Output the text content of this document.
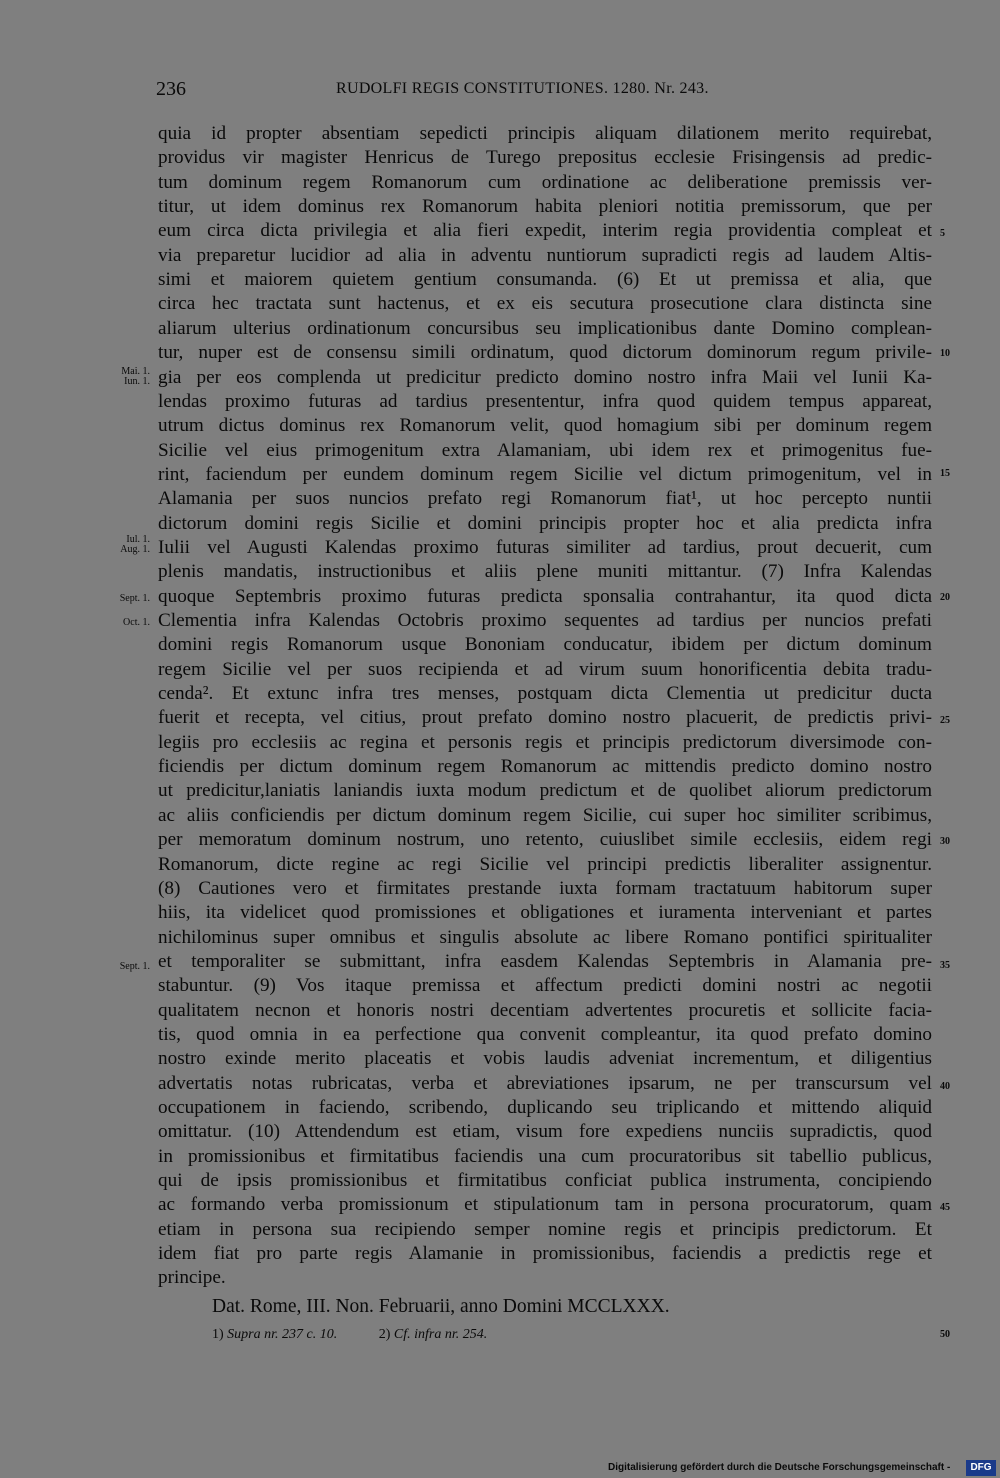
236	RUDOLFI REGIS CONSTITUTIONES. 1280. Nr. 243.
quia id propter absentiam sepedicti principis aliquam dilationem merito requirebat,
providus vir magister Henricus de Turego prepositus ecclesie Frisingensis ad predic-
tum dominum regem Romanorum cum ordinatione ac deliberatione premissis ver-
titur, ut idem dominus rex Romanorum habita pleniori notitia premissorum, que per
eum circa dicta privilegia et alia fieri expedit, interim regia providentia compleat et
via preparetur lucidior ad alia in adventu nuntiorum supradicti regis ad laudem Altis-
simi et maiorem quietem gentium consumanda. (6) Et ut premissa et alia, que
circa hec tractata sunt hactenus, et ex eis secutura prosecutione clara distincta sine
aliarum ulterius ordinationum concursibus seu implicationibus dante Domino complean-
tur, nuper est de consensu simili ordinatum, quod dictorum dominorum regum privile-
gia per eos complenda ut predicitur predicto domino nostro infra Maii vel Iunii Ka-
lendas proximo futuras ad tardius presententur, infra quod quidem tempus appareat,
utrum dictus dominus rex Romanorum velit, quod homagium sibi per dominum regem
Sicilie vel eius primogenitum extra Alamaniam, ubi idem rex et primogenitus fue-
rint, faciendum per eundem dominum regem Sicilie vel dictum primogenitum, vel in
Alamania per suos nuncios prefato regi Romanorum fiat¹, ut hoc percepto nuntii
dictorum domini regis Sicilie et domini principis propter hoc et alia predicta infra
Iulii vel Augusti Kalendas proximo futuras similiter ad tardius, prout decuerit, cum
plenis mandatis, instructionibus et aliis plene muniti mittantur. (7) Infra Kalendas
quoque Septembris proximo futuras predicta sponsalia contrahantur, ita quod dicta
Clementia infra Kalendas Octobris proximo sequentes ad tardius per nuncios prefati
domini regis Romanorum usque Bononiam conducatur, ibidem per dictum dominum
regem Sicilie vel per suos recipienda et ad virum suum honorificentia debita tradu-
cenda². Et extunc infra tres menses, postquam dicta Clementia ut predicitur ducta
fuerit et recepta, vel citius, prout prefato domino nostro placuerit, de predictis privi-
legiis pro ecclesiis ac regina et personis regis et principis predictorum diversimode con-
ficiendis per dictum dominum regem Romanorum ac mittendis predicto domino nostro
ut predicitur,laniatis laniandis iuxta modum predictum et de quolibet aliorum predictorum
ac aliis conficiendis per dictum dominum regem Sicilie, cui super hoc similiter scribimus,
per memoratum dominum nostrum, uno retento, cuiuslibet simile ecclesiis, eidem regi
Romanorum, dicte regine ac regi Sicilie vel principi predictis liberaliter assignentur.
(8) Cautiones vero et firmitates prestande iuxta formam tractatuum habitorum super
hiis, ita videlicet quod promissiones et obligationes et iuramenta interveniant et partes
nichilominus super omnibus et singulis absolute ac libere Romano pontifici spiritualiter
et temporaliter se submittant, infra easdem Kalendas Septembris in Alamania pre-
stabuntur. (9) Vos itaque premissa et affectum predicti domini nostri ac negotii
qualitatem necnon et honoris nostri decentiam advertentes procuretis et sollicite facia-
tis, quod omnia in ea perfectione qua convenit compleantur, ita quod prefato domino
nostro exinde merito placeatis et vobis laudis adveniat incrementum, et diligentius
advertatis notas rubricatas, verba et abreviationes ipsarum, ne per transcursum vel
occupationem in faciendo, scribendo, duplicando seu triplicando et mittendo aliquid
omittatur. (10) Attendendum est etiam, visum fore expediens nunciis supradictis, quod
in promissionibus et firmitatibus faciendis una cum procuratoribus sit tabellio publicus,
qui de ipsis promissionibus et firmitatibus conficiat publica instrumenta, concipiendo
ac formando verba promissionum et stipulationum tam in persona procuratorum, quam
etiam in persona sua recipiendo semper nomine regis et principis predictorum. Et
idem fiat pro parte regis Alamanie in promissionibus, faciendis a predictis rege et
principe.
5
10
15
20
25
30
35
40
45
50
Mai. 1.
Iun. 1.
Iul. 1.
Aug. 1.
Sept. 1.
Oct. 1.
Sept. 1.
Dat. Rome, III. Non. Februarii, anno Domini MCCLXXX.
1) Supra nr. 237 c. 10.	2) Cf. infra nr. 254.
Digitalisierung gefördert durch die Deutsche Forschungsgemeinschaft -	DFG
